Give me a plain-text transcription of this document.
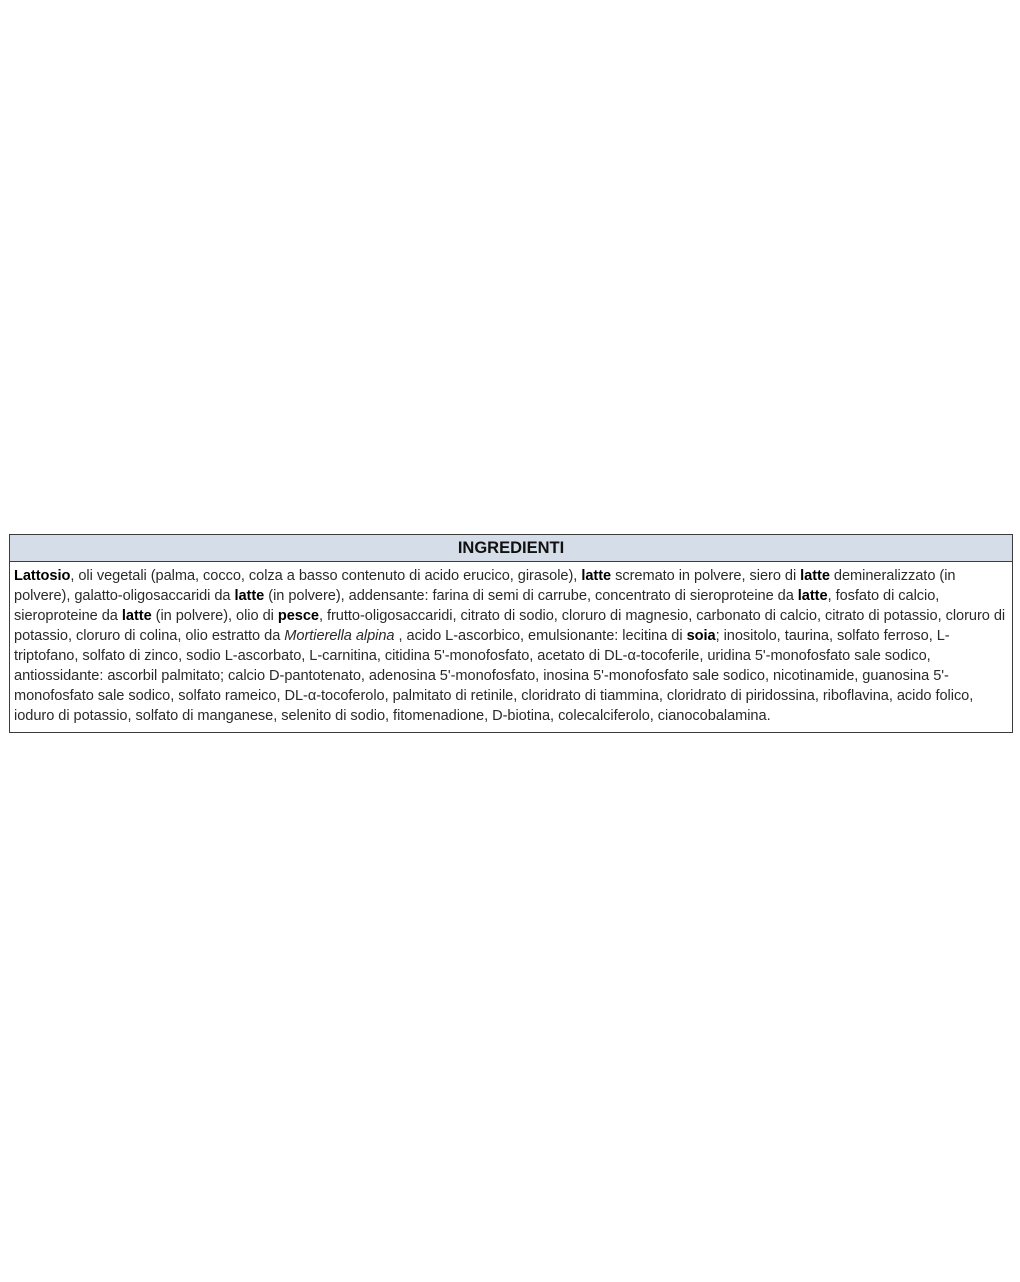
INGREDIENTI
Lattosio, oli vegetali (palma, cocco, colza a basso contenuto di acido erucico, girasole), latte scremato in polvere, siero di latte demineralizzato (in polvere), galatto-oligosaccaridi da latte (in polvere), addensante: farina di semi di carrube, concentrato di sieroproteine da latte, fosfato di calcio, sieroproteine da latte (in polvere), olio di pesce, frutto-oligosaccaridi, citrato di sodio, cloruro di magnesio, carbonato di calcio, citrato di potassio, cloruro di potassio, cloruro di colina, olio estratto da Mortierella alpina , acido L-ascorbico, emulsionante: lecitina di soia; inositolo, taurina, solfato ferroso, L-triptofano, solfato di zinco, sodio L-ascorbato, L-carnitina, citidina 5'-monofosfato, acetato di DL-α-tocoferile, uridina 5'-monofosfato sale sodico, antiossidante: ascorbil palmitato; calcio D-pantotenato, adenosina 5'-monofosfato, inosina 5'-monofosfato sale sodico, nicotinamide, guanosina 5'-monofosfato sale sodico, solfato rameico, DL-α-tocoferolo, palmitato di retinile, cloridrato di tiammina, cloridrato di piridossina, riboflavina, acido folico, ioduro di potassio, solfato di manganese, selenito di sodio, fitomenadione, D-biotina, colecalciferolo, cianocobalamina.
